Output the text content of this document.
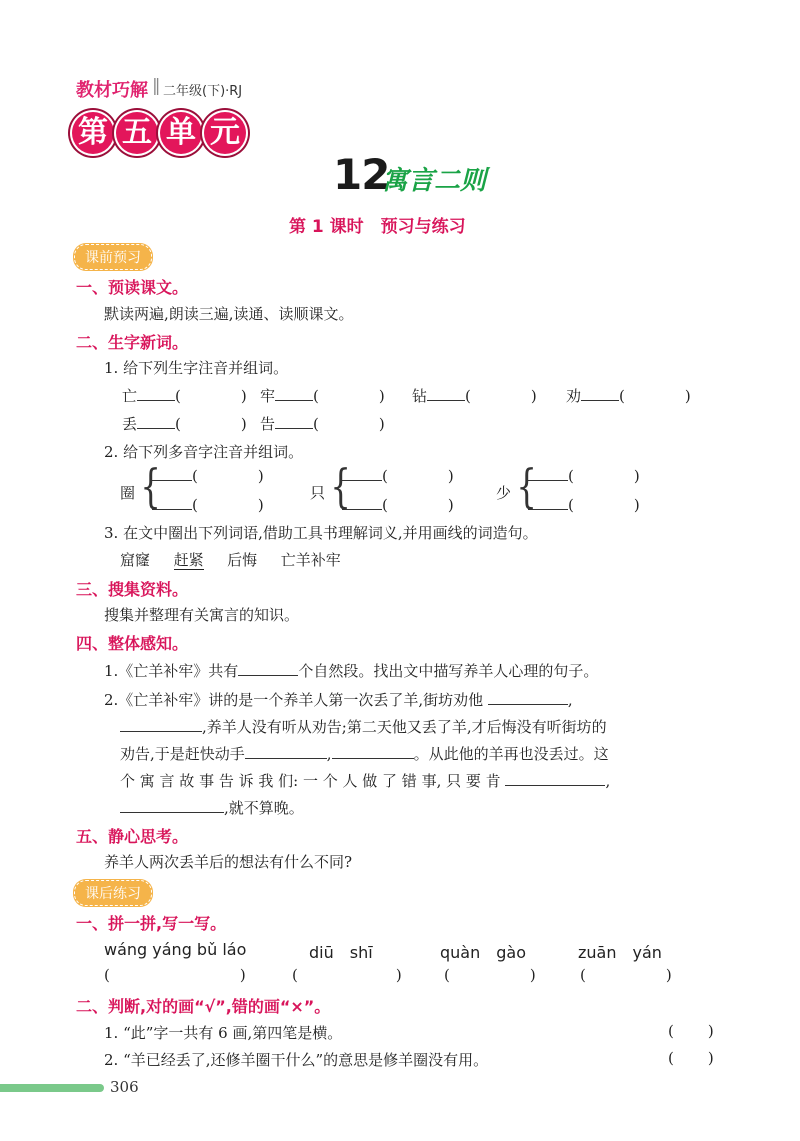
教材巧解 ‖ 二年级(下)·RJ
第 五 单 元
12
寓言二则
第 1 课时　预习与练习
课前预习
一、预读课文。
默读两遍,朗读三遍,读通、读顺课文。
二、生字新词。
1. 给下列生字注音并组词。
亡	(	) 牢	(	) 钻	(	) 劝	(	)
丢	(	) 告	(	)
2. 给下列多音字注音并组词。
圈 {	(	)
(	)
只 {	(	)
(	)
少 {	(	)
(	)
3. 在文中圈出下列词语,借助工具书理解词义,并用画线的词造句。
窟窿 赶紧 后悔 亡羊补牢
三、搜集资料。
搜集并整理有关寓言的知识。
四、整体感知。
1.《亡羊补牢》共有	个自然段。找出文中描写养羊人心理的句子。
2.《亡羊补牢》讲的是一个养羊人第一次丢了羊,街坊劝他	,
,养羊人没有听从劝告;第二天他又丢了羊,才后悔没有听街坊的
劝告,于是赶快动手	,	。从此他的羊再也没丢过。这
个 寓 言 故 事 告 诉 我 们: 一 个 人 做 了 错 事, 只 要 肯	,
,就不算晚。
五、静心思考。
养羊人两次丢羊后的想法有什么不同?
课后练习
一、拼一拼,写一写。
wáng yáng bǔ láo	diū　shī	quàn　gào	zuān　yán
(	)	(	)	(	)	(	)
二、判断,对的画“√”,错的画“×”。
1. “此”字一共有 6 画,第四笔是横。	( )
2. “羊已经丢了,还修羊圈干什么”的意思是修羊圈没有用。	( )
306
